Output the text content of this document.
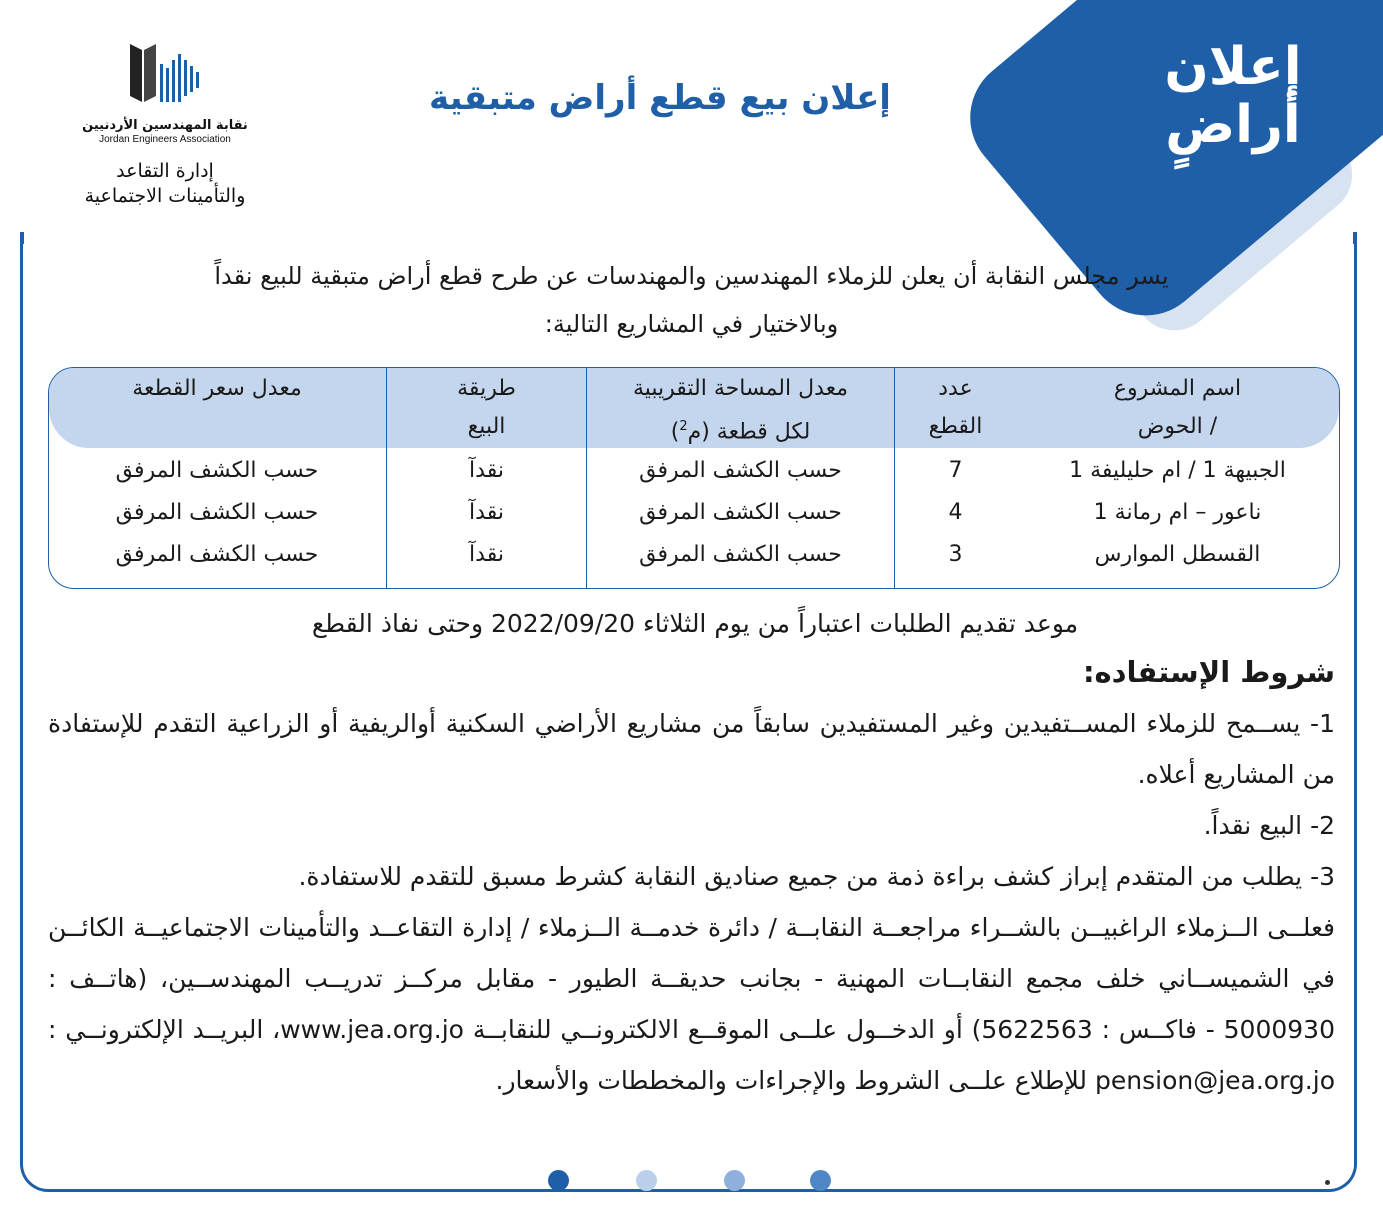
إعلان
أراضٍ
نقابة المهندسين الأردنيين
Jordan Engineers Association
إدارة التقاعد
والتأمينات الاجتماعية
إعلان بيع قطع أراض متبقية
يسر مجلس النقابة أن يعلن للزملاء المهندسين والمهندسات عن طرح قطع أراض متبقية للبيع نقداً
وبالاختيار في المشاريع التالية:
اسم المشروع
/ الحوض
الجبيهة 1 / ام حليليفة 1
ناعور – ام رمانة 1
القسطل الموارس
عدد
القطع
7
4
3
معدل المساحة التقريبية
لكل قطعة (م$^2$)
حسب الكشف المرفق
حسب الكشف المرفق
حسب الكشف المرفق
طريقة
البيع
نقدآ
نقدآ
نقدآ
معدل سعر القطعة
حسب الكشف المرفق
حسب الكشف المرفق
حسب الكشف المرفق
موعد تقديم الطلبات اعتباراً من يوم الثلاثاء 2022/09/20 وحتى نفاذ القطع
شروط الإستفاده:

1- يســمح للزملاء المســتفيدين وغير المستفيدين سابقاً من مشاريع الأراضي السكنية أوالريفية أو الزراعية التقدم للإستفادة من المشاريع أعلاه.

2- البيع نقداً.

3- يطلب من المتقدم إبراز كشف براءة ذمة من جميع صناديق النقابة كشرط مسبق للتقدم للاستفادة.

فعلــى الــزملاء الراغبيــن بالشــراء مراجعــة النقابــة / دائرة خدمــة الــزملاء / إدارة التقاعــد والتأمينات الاجتماعيــة الكائــن في الشميســاني خلف مجمع النقابــات المهنية - بجانب حديقــة الطيور - مقابل مركــز تدريــب المهندســين، (هاتــف : 5000930 - فاكــس : 5622563) أو الدخــول علــى الموقــع الالكترونــي للنقابــة www.jea.org.jo، البريــد الإلكترونــي : pension@jea.org.jo للإطلاع علــى الشروط والإجراءات والمخططات والأسعار.
